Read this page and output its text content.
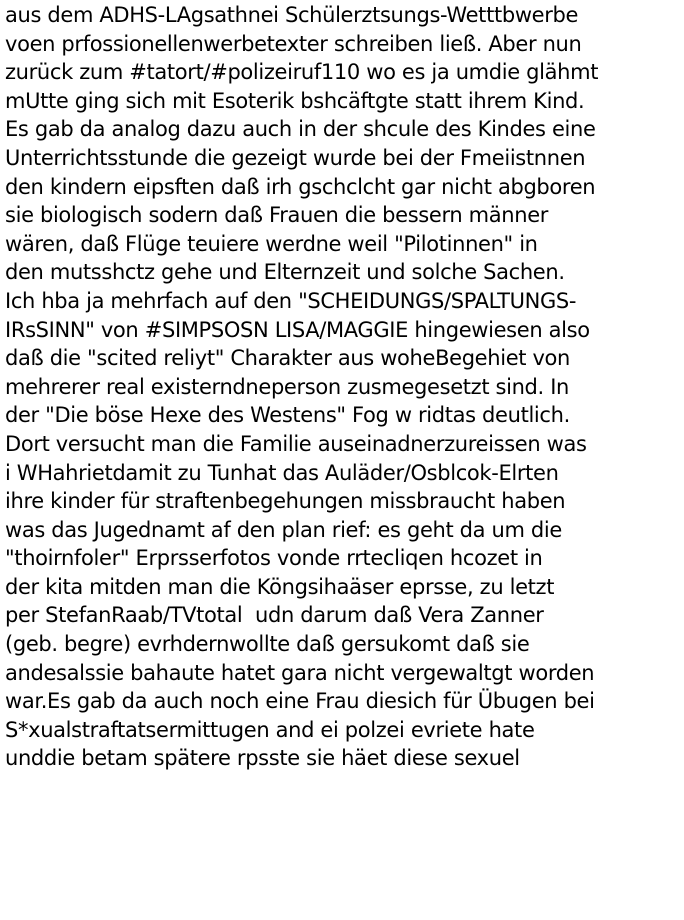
aus dem ADHS-LAgsathnei Schülerztsungs-Wetttbwerbe
voen prfossionellenwerbetexter schreiben ließ. Aber nun
zurück zum #tatort/#polizeiruf110 wo es ja umdie glähmt
mUtte ging sich mit Esoterik bshcäftgte statt ihrem Kind.
Es gab da analog dazu auch in der shcule des Kindes eine
Unterrichtsstunde die gezeigt wurde bei der Fmeiistnnen
den kindern eipsften daß irh gschclcht gar nicht abgboren
sie biologisch sodern daß Frauen die bessern männer
wären, daß Flüge teuiere werdne weil "Pilotinnen" in
den mutsshctz gehe und Elternzeit und solche Sachen.
Ich hba ja mehrfach auf den "SCHEIDUNGS/SPALTUNGS-
IRsSINN" von #SIMPSOSN LISA/MAGGIE hingewiesen also
daß die "scited reliyt" Charakter aus woheBegehiet von
mehrerer real existerndneperson zusmegesetzt sind. In
der "Die böse Hexe des Westens" Fog w ridtas deutlich.
Dort versucht man die Familie auseinadnerzureissen was
i WHahrietdamit zu Tunhat das Auläder/Osblcok-Elrten
ihre kinder für straftenbegehungen missbraucht haben
was das Jugednamt af den plan rief: es geht da um die
"thoirnfoler" Erprsserfotos vonde rrtecliqen hcozet in
der kita mitden man die Köngsihaäser eprsse, zu letzt
per StefanRaab/TVtotal  udn darum daß Vera Zanner
(geb. begre) evrhdernwollte daß gersukomt daß sie
andesalssie bahaute hatet gara nicht vergewaltgt worden
war.Es gab da auch noch eine Frau diesich für Übugen bei
S*xualstraftatsermittugen and ei polzei evriete hate
unddie betam spätere rpsste sie häet diese sexuel
